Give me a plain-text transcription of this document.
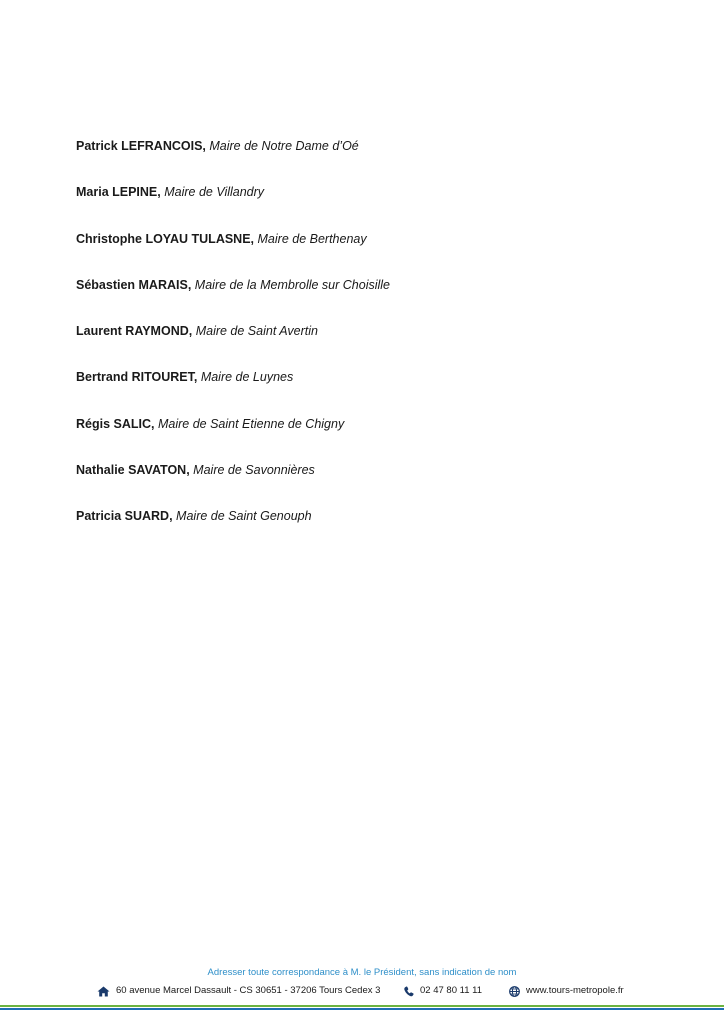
Patrick LEFRANCOIS, Maire de Notre Dame d’Oé
Maria LEPINE, Maire de Villandry
Christophe LOYAU TULASNE, Maire de Berthenay
Sébastien MARAIS, Maire de la Membrolle sur Choisille
Laurent RAYMOND, Maire de Saint Avertin
Bertrand RITOURET, Maire de Luynes
Régis SALIC, Maire de Saint Etienne de Chigny
Nathalie SAVATON, Maire de Savonnières
Patricia SUARD, Maire de Saint Genouph
Adresser toute correspondance à M. le Président, sans indication de nom
60 avenue Marcel Dassault - CS 30651 - 37206 Tours Cedex 3	02 47 80 11 11	www.tours-metropole.fr
